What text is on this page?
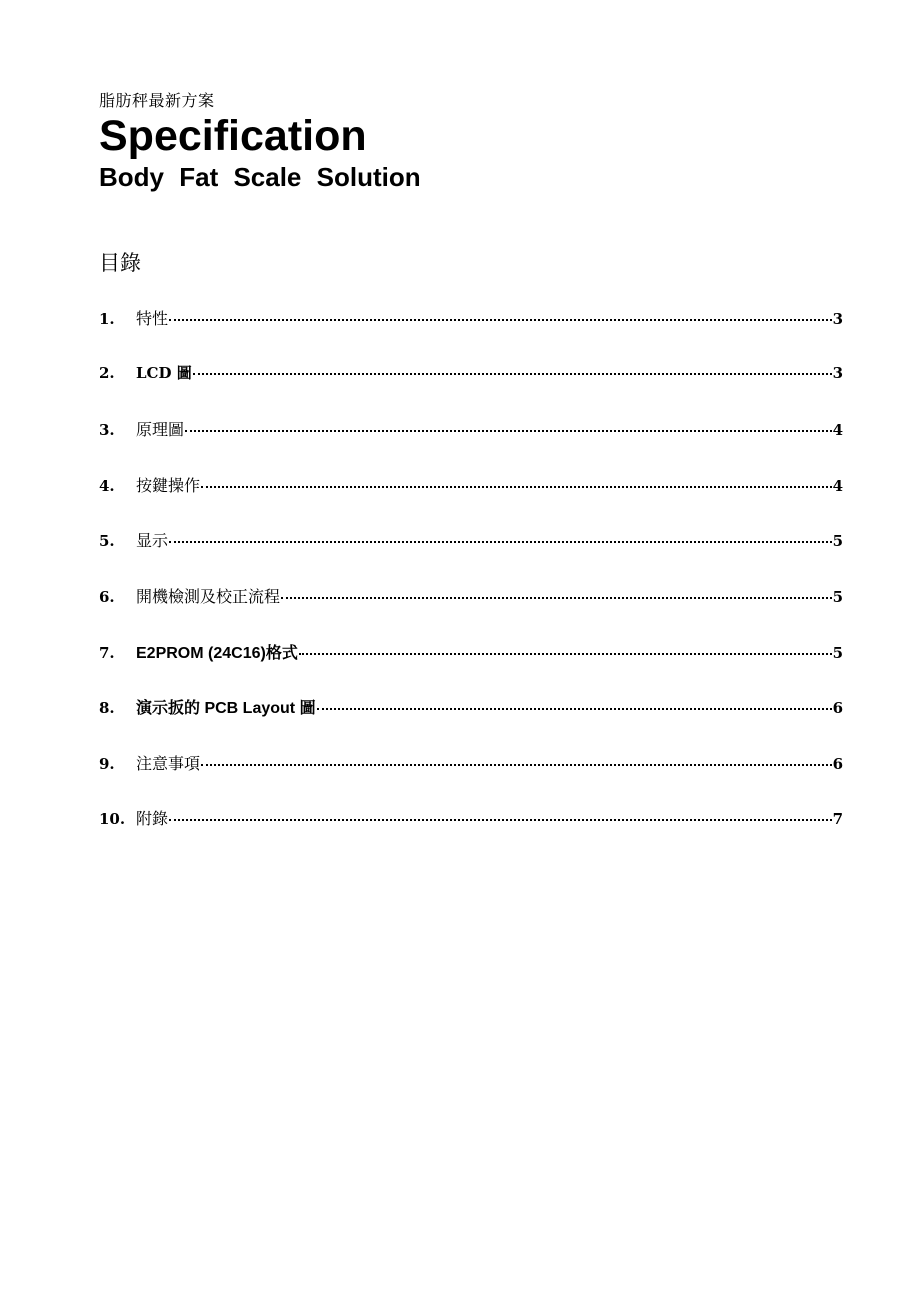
脂肪秤最新方案
Specification
Body Fat Scale Solution
目錄
1.	特性	3
2.	LCD 圖	3
3.	原理圖	4
4.	按鍵操作	4
5.	显示	5
6.	開機檢測及校正流程	5
7.	E2PROM (24C16)格式	5
8.	演示扳的 PCB Layout 圖	6
9.	注意事項	6
10. 附錄	7
